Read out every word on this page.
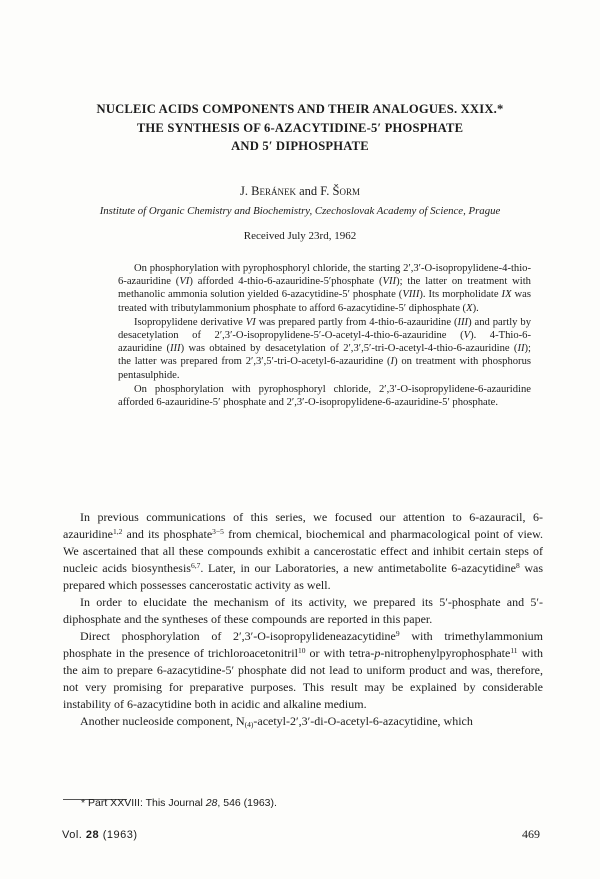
NUCLEIC ACIDS COMPONENTS AND THEIR ANALOGUES. XXIX.*
THE SYNTHESIS OF 6-AZACYTIDINE-5′ PHOSPHATE
AND 5′ DIPHOSPHATE
J. Beránek and F. Šorm
Institute of Organic Chemistry and Biochemistry, Czechoslovak Academy of Science, Prague
Received July 23rd, 1962

On phosphorylation with pyrophosphoryl chloride, the starting 2′,3′-O-isopropylidene-4-thio-6-azauridine (VI) afforded 4-thio-6-azauridine-5′phosphate (VII); the latter on treatment with methanolic ammonia solution yielded 6-azacytidine-5′ phosphate (VIII). Its morpholidate IX was treated with tributylammonium phosphate to afford 6-azacytidine-5′ diphosphate (X).

Isopropylidene derivative VI was prepared partly from 4-thio-6-azauridine (III) and partly by desacetylation of 2′,3′-O-isopropylidene-5′-O-acetyl-4-thio-6-azauridine (V). 4-Thio-6-azauridine (III) was obtained by desacetylation of 2′,3′,5′-tri-O-acetyl-4-thio-6-azauridine (II); the latter was prepared from 2′,3′,5′-tri-O-acetyl-6-azauridine (I) on treatment with phosphorus pentasulphide.

On phosphorylation with pyrophosphoryl chloride, 2′,3′-O-isopropylidene-6-azauridine afforded 6-azauridine-5′ phosphate and 2′,3′-O-isopropylidene-6-azauridine-5′ phosphate.

In previous communications of this series, we focused our attention to 6-azauracil, 6-azauridine$^{1,2}$ and its phosphate$^{3-5}$ from chemical, biochemical and pharmacological point of view. We ascertained that all these compounds exhibit a cancerostatic effect and inhibit certain steps of nucleic acids biosynthesis$^{6,7}$. Later, in our Laboratories, a new antimetabolite 6-azacytidine$^8$ was prepared which possesses cancerostatic activity as well.

In order to elucidate the mechanism of its activity, we prepared its 5′-phosphate and 5′-diphosphate and the syntheses of these compounds are reported in this paper.

Direct phosphorylation of 2′,3′-O-isopropylideneazacytidine$^9$ with trimethylammonium phosphate in the presence of trichloroacetonitril$^{10}$ or with tetra-p-nitrophenylpyrophosphate$^{11}$ with the aim to prepare 6-azacytidine-5′ phosphate did not lead to uniform product and was, therefore, not very promising for preparative purposes. This result may be explained by considerable instability of 6-azacytidine both in acidic and alkaline medium.

Another nucleoside component, $N_{(4)}-acetyl-2',3'-di-O-acetyl-6$-azacytidine, which

* Part XXVIII: This Journal 28, 546 (1963).
Vol. 28 (1963)	469
